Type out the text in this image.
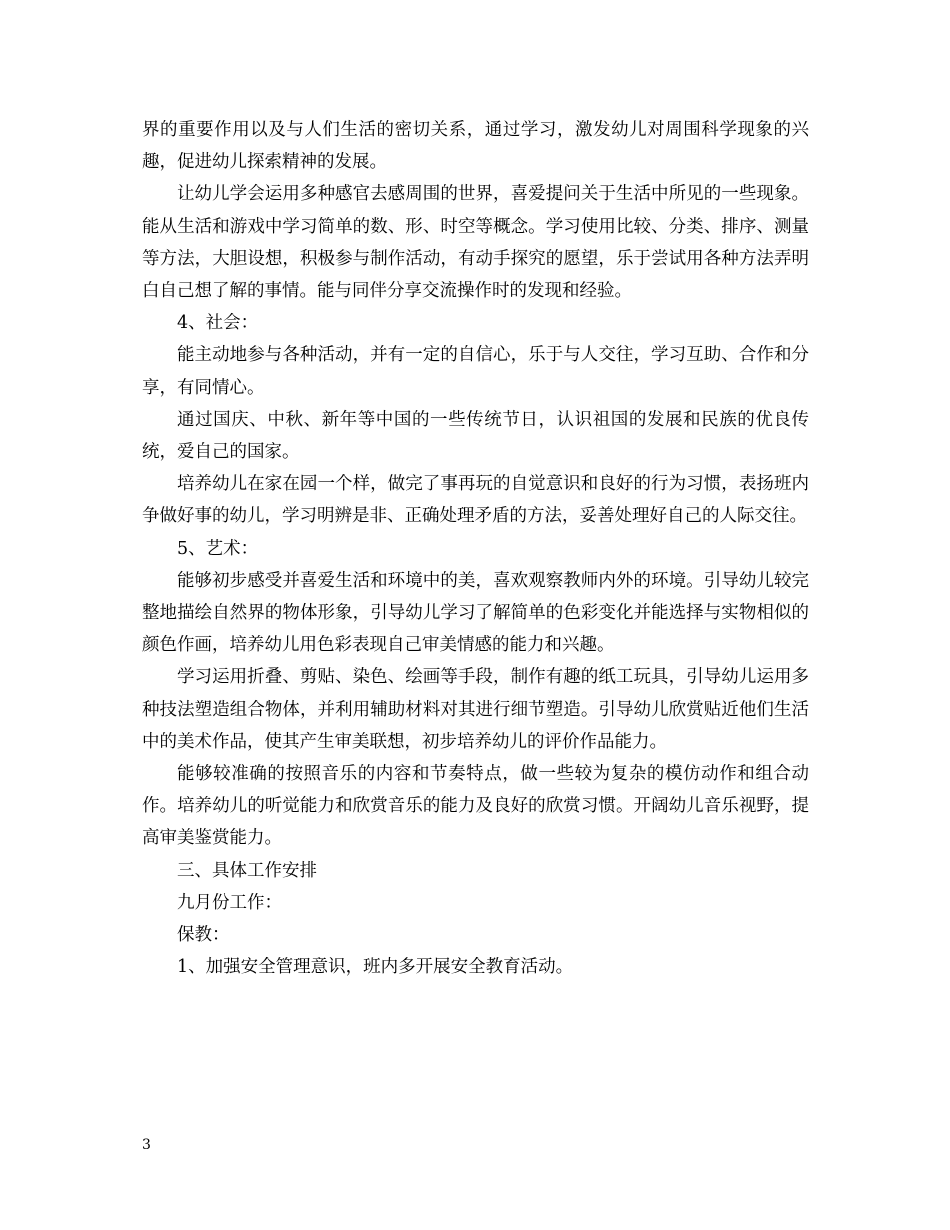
界的重要作用以及与人们生活的密切关系，通过学习，激发幼儿对周围科学现象的兴趣，促进幼儿探索精神的发展。

让幼儿学会运用多种感官去感周围的世界，喜爱提问关于生活中所见的一些现象。能从生活和游戏中学习简单的数、形、时空等概念。学习使用比较、分类、排序、测量等方法，大胆设想，积极参与制作活动，有动手探究的愿望，乐于尝试用各种方法弄明白自己想了解的事情。能与同伴分享交流操作时的发现和经验。

4、社会：

能主动地参与各种活动，并有一定的自信心，乐于与人交往，学习互助、合作和分享，有同情心。

通过国庆、中秋、新年等中国的一些传统节日，认识祖国的发展和民族的优良传统，爱自己的国家。

培养幼儿在家在园一个样，做完了事再玩的自觉意识和良好的行为习惯，表扬班内争做好事的幼儿，学习明辨是非、正确处理矛盾的方法，妥善处理好自己的人际交往。

5、艺术：

能够初步感受并喜爱生活和环境中的美，喜欢观察教师内外的环境。引导幼儿较完整地描绘自然界的物体形象，引导幼儿学习了解简单的色彩变化并能选择与实物相似的颜色作画，培养幼儿用色彩表现自己审美情感的能力和兴趣。

学习运用折叠、剪贴、染色、绘画等手段，制作有趣的纸工玩具，引导幼儿运用多种技法塑造组合物体，并利用辅助材料对其进行细节塑造。引导幼儿欣赏贴近他们生活中的美术作品，使其产生审美联想，初步培养幼儿的评价作品能力。

能够较准确的按照音乐的内容和节奏特点，做一些较为复杂的模仿动作和组合动作。培养幼儿的听觉能力和欣赏音乐的能力及良好的欣赏习惯。开阔幼儿音乐视野，提高审美鉴赏能力。

三、具体工作安排

九月份工作：

保教：

1、加强安全管理意识，班内多开展安全教育活动。

3
